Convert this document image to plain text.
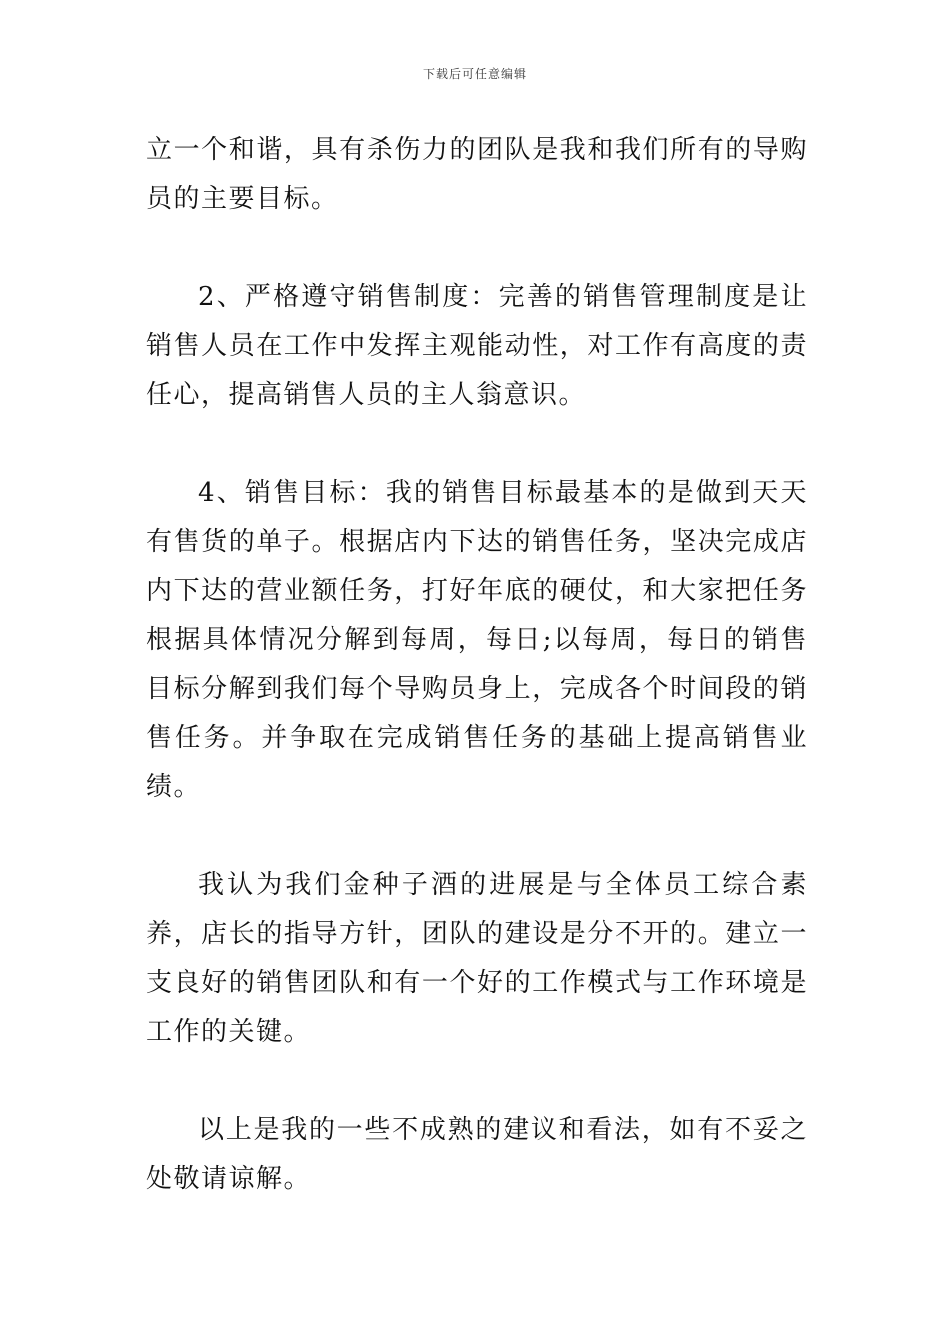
下载后可任意编辑

立一个和谐，具有杀伤力的团队是我和我们所有的导购员的主要目标。

2、严格遵守销售制度：完善的销售管理制度是让销售人员在工作中发挥主观能动性，对工作有高度的责任心，提高销售人员的主人翁意识。

4、销售目标：我的销售目标最基本的是做到天天有售货的单子。根据店内下达的销售任务，坚决完成店内下达的营业额任务，打好年底的硬仗，和大家把任务根据具体情况分解到每周，每日;以每周，每日的销售目标分解到我们每个导购员身上，完成各个时间段的销售任务。并争取在完成销售任务的基础上提高销售业绩。

我认为我们金种子酒的进展是与全体员工综合素养，店长的指导方针，团队的建设是分不开的。建立一支良好的销售团队和有一个好的工作模式与工作环境是工作的关键。

以上是我的一些不成熟的建议和看法，如有不妥之处敬请谅解。
